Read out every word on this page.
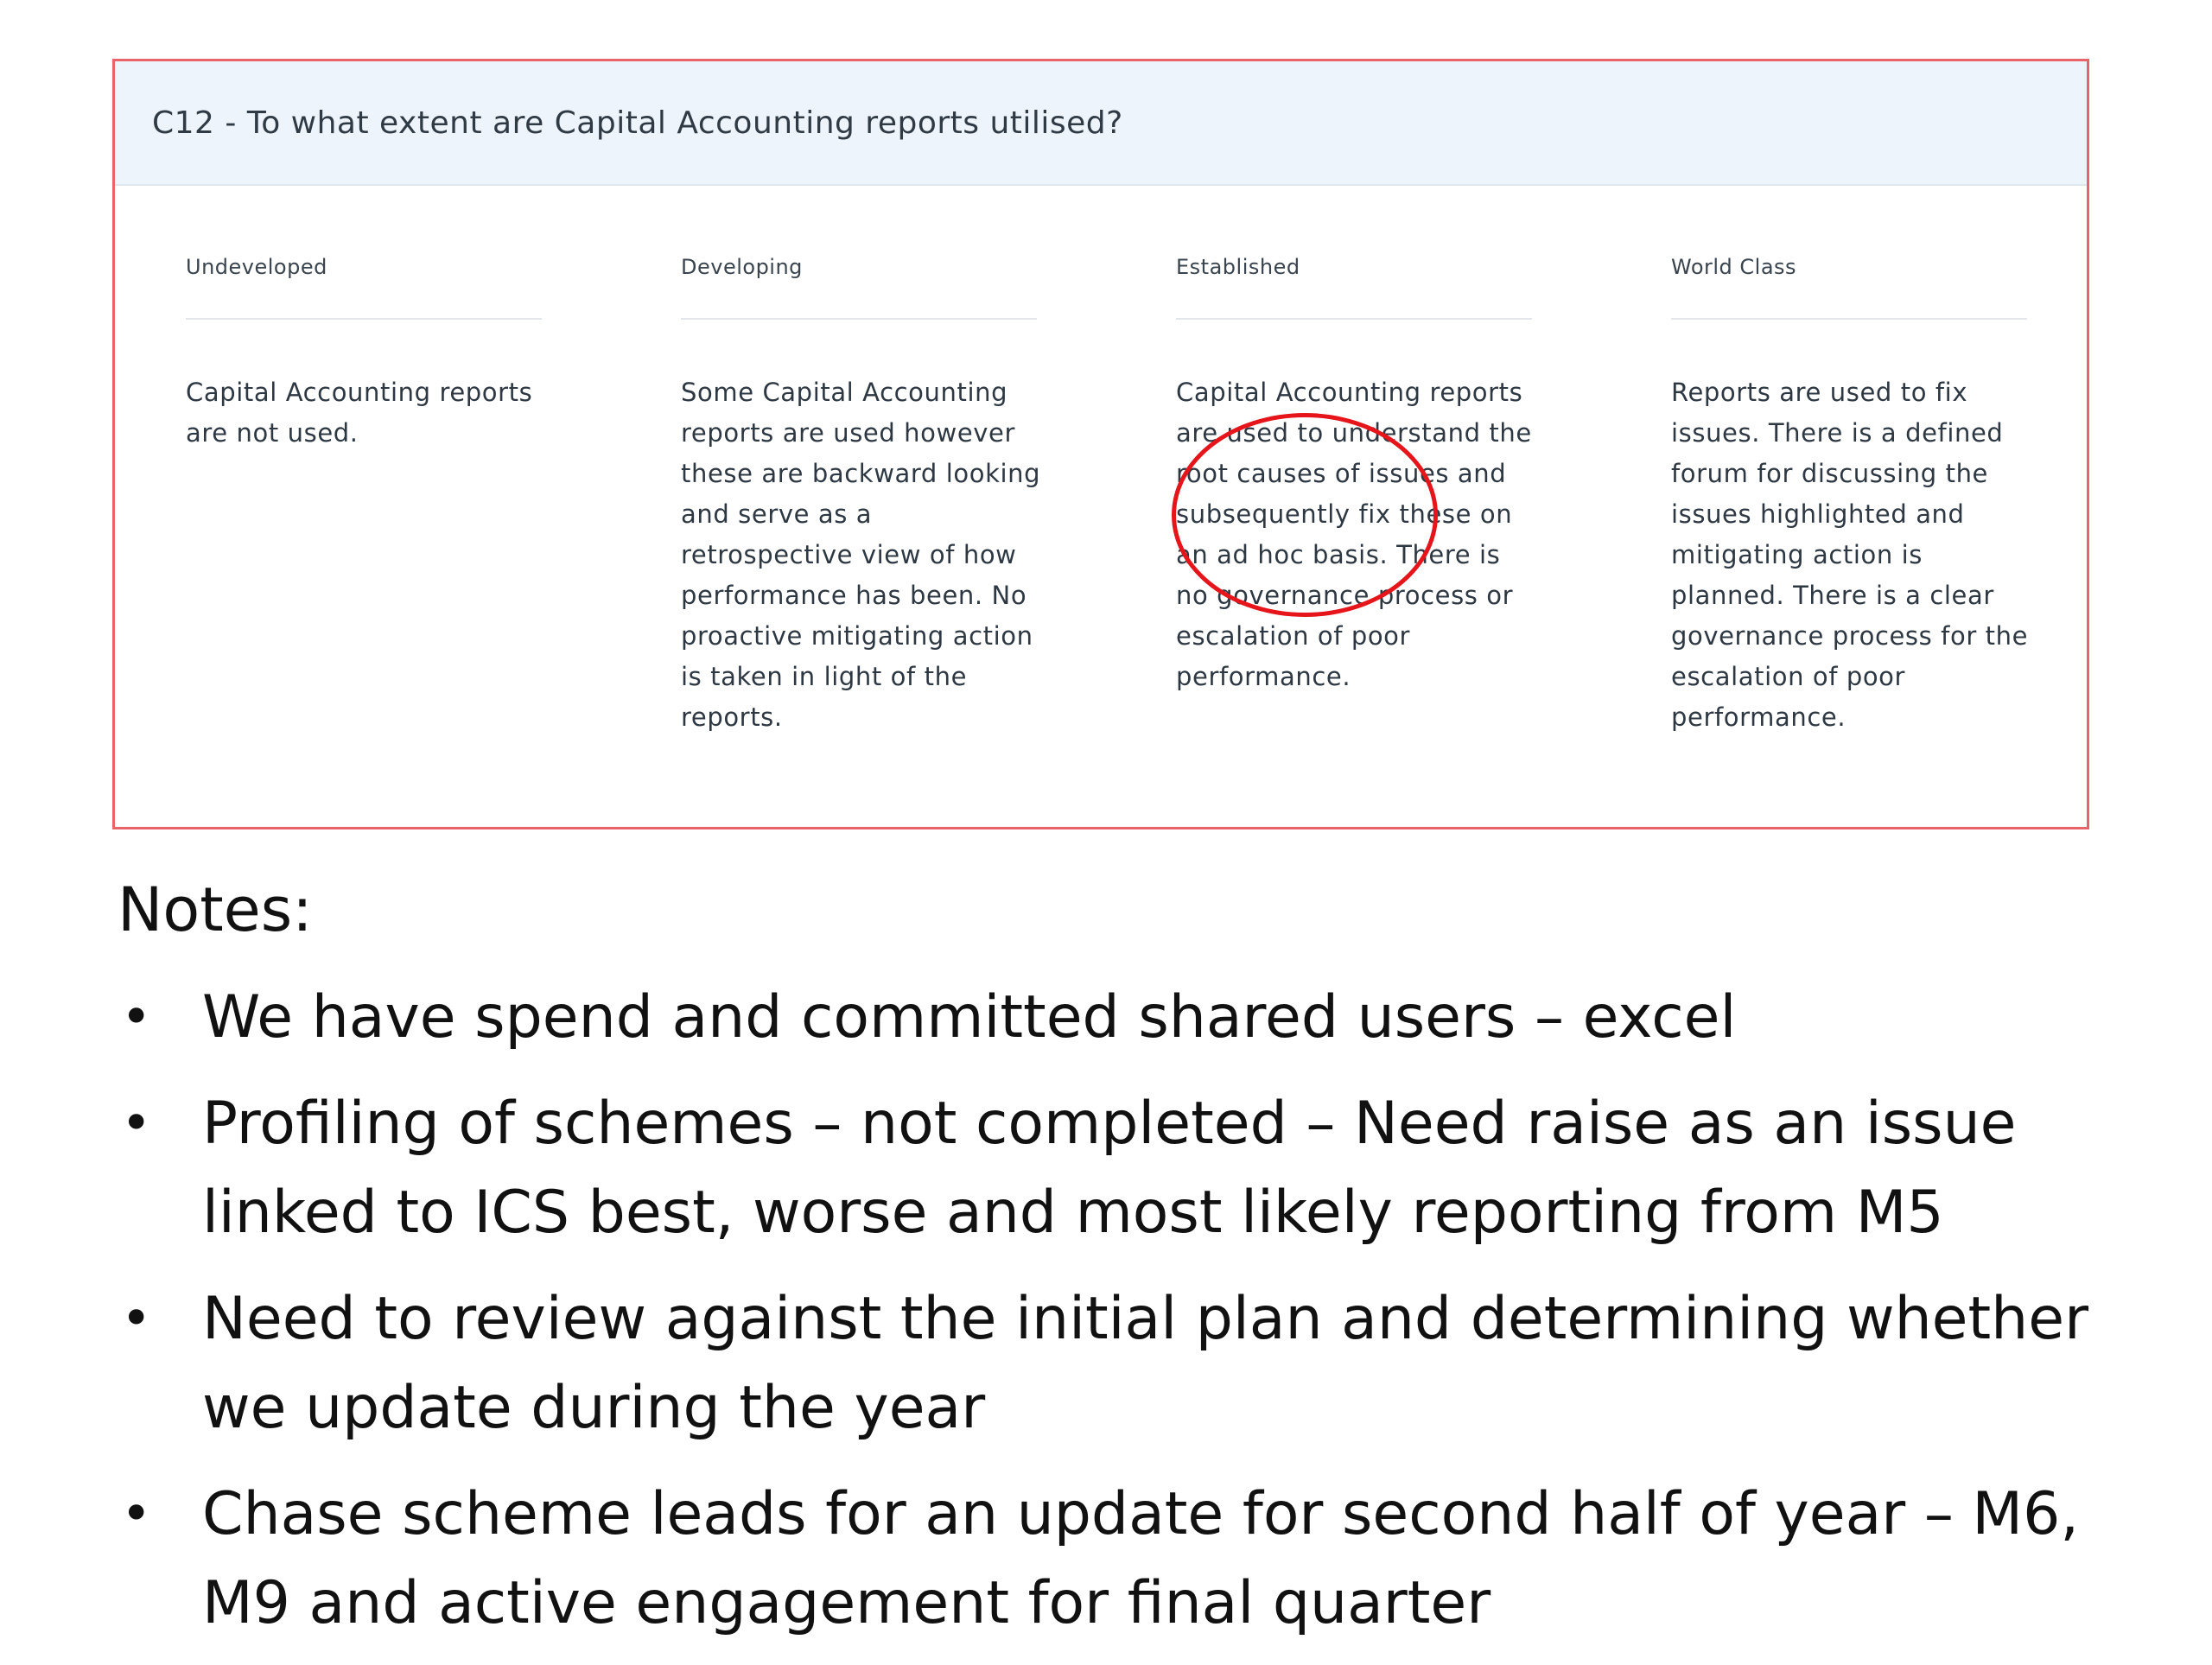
C12 - To what extent are Capital Accounting reports utilised?
Undeveloped
Capital Accounting reports are not used.
Developing
Some Capital Accounting reports are used however these are backward looking and serve as a retrospective view of how performance has been. No proactive mitigating action is taken in light of the reports.
Established
Capital Accounting reports are used to understand the root causes of issues and subsequently fix these on an ad hoc basis. There is no governance process or escalation of poor performance.
World Class
Reports are used to fix issues. There is a defined forum for discussing the issues highlighted and mitigating action is planned. There is a clear governance process for the escalation of poor performance.
Notes:
• We have spend and committed shared users – excel
• Profiling of schemes – not completed – Need raise as an issue linked to ICS best, worse and most likely reporting from M5
• Need to review against the initial plan and determining whether we update during the year
• Chase scheme leads for an update for second half of year – M6, M9 and active engagement for final quarter
